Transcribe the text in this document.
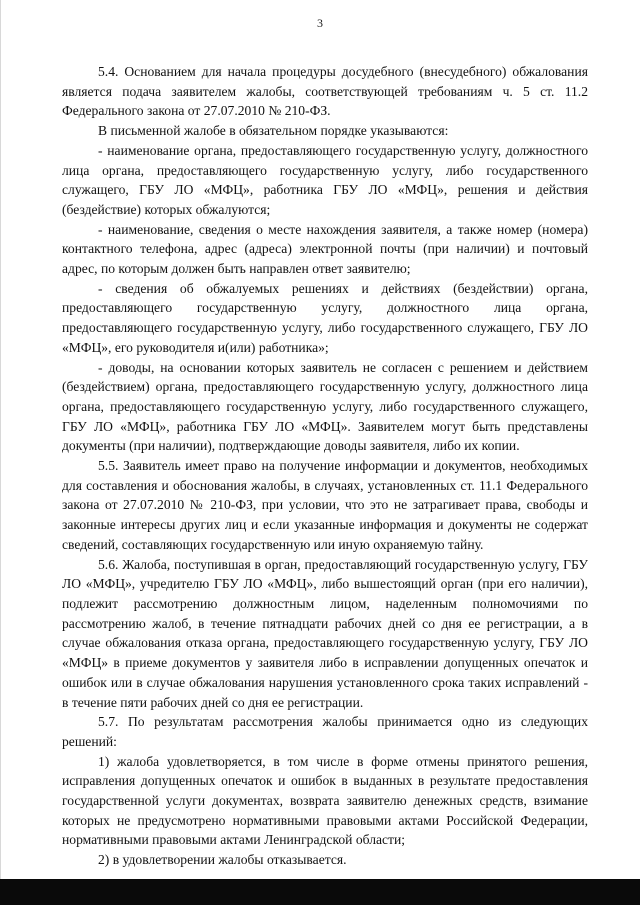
3

5.4. Основанием для начала процедуры досудебного (внесудебного) обжалования является подача заявителем жалобы, соответствующей требованиям ч. 5 ст. 11.2 Федерального закона от 27.07.2010 № 210-ФЗ.

В письменной жалобе в обязательном порядке указываются:

- наименование органа, предоставляющего государственную услугу, должностного лица органа, предоставляющего государственную услугу, либо государственного служащего, ГБУ ЛО «МФЦ», работника ГБУ ЛО «МФЦ», решения и действия (бездействие) которых обжалуются;

- наименование, сведения о месте нахождения заявителя, а также номер (номера) контактного телефона, адрес (адреса) электронной почты (при наличии) и почтовый адрес, по которым должен быть направлен ответ заявителю;

- сведения об обжалуемых решениях и действиях (бездействии) органа, предоставляющего государственную услугу, должностного лица органа, предоставляющего государственную услугу, либо государственного служащего, ГБУ ЛО «МФЦ», его руководителя и(или) работника»;

- доводы, на основании которых заявитель не согласен с решением и действием (бездействием) органа, предоставляющего государственную услугу, должностного лица органа, предоставляющего государственную услугу, либо государственного служащего, ГБУ ЛО «МФЦ», работника ГБУ ЛО «МФЦ». Заявителем могут быть представлены документы (при наличии), подтверждающие доводы заявителя, либо их копии.

5.5. Заявитель имеет право на получение информации и документов, необходимых для составления и обоснования жалобы, в случаях, установленных ст. 11.1 Федерального закона от 27.07.2010 № 210-ФЗ, при условии, что это не затрагивает права, свободы и законные интересы других лиц и если указанные информация и документы не содержат сведений, составляющих государственную или иную охраняемую тайну.

5.6. Жалоба, поступившая в орган, предоставляющий государственную услугу, ГБУ ЛО «МФЦ», учредителю ГБУ ЛО «МФЦ», либо вышестоящий орган (при его наличии), подлежит рассмотрению должностным лицом, наделенным полномочиями по рассмотрению жалоб, в течение пятнадцати рабочих дней со дня ее регистрации, а в случае обжалования отказа органа, предоставляющего государственную услугу, ГБУ ЛО «МФЦ» в приеме документов у заявителя либо в исправлении допущенных опечаток и ошибок или в случае обжалования нарушения установленного срока таких исправлений - в течение пяти рабочих дней со дня ее регистрации.

5.7. По результатам рассмотрения жалобы принимается одно из следующих решений:

1) жалоба удовлетворяется, в том числе в форме отмены принятого решения, исправления допущенных опечаток и ошибок в выданных в результате предоставления государственной услуги документах, возврата заявителю денежных средств, взимание которых не предусмотрено нормативными правовыми актами Российской Федерации, нормативными правовыми актами Ленинградской области;

2) в удовлетворении жалобы отказывается.
